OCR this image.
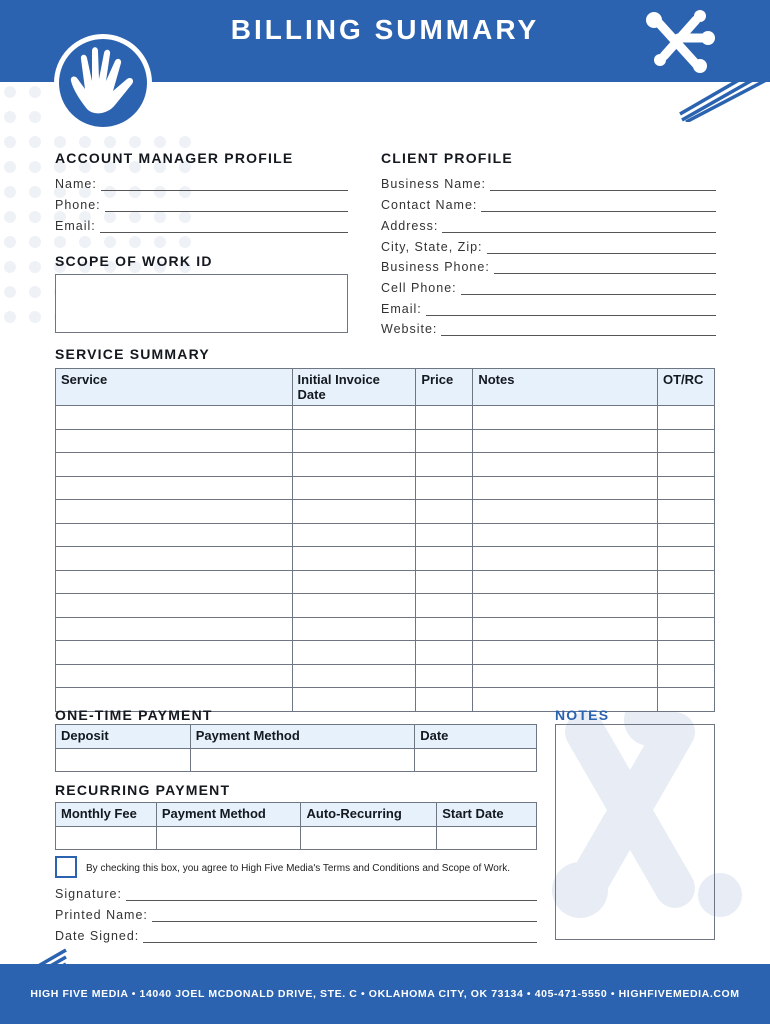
BILLING SUMMARY
ACCOUNT MANAGER PROFILE
Name:
Phone:
Email:
SCOPE OF WORK ID
CLIENT PROFILE
Business Name:
Contact Name:
Address:
City, State, Zip:
Business Phone:
Cell Phone:
Email:
Website:
SERVICE SUMMARY
Service	Initial Invoice Date	Price	Notes	OT/RC

ONE-TIME PAYMENT
Deposit	Payment Method	Date

RECURRING PAYMENT
Monthly Fee	Payment Method	Auto-Recurring	Start Date

By checking this box, you agree to High Five Media's Terms and Conditions and Scope of Work.
Signature:
Printed Name:
Date Signed:
NOTES
HIGH FIVE MEDIA • 14040 JOEL MCDONALD DRIVE, STE. C • OKLAHOMA CITY, OK 73134 • 405-471-5550 • HIGHFIVEMEDIA.COM
